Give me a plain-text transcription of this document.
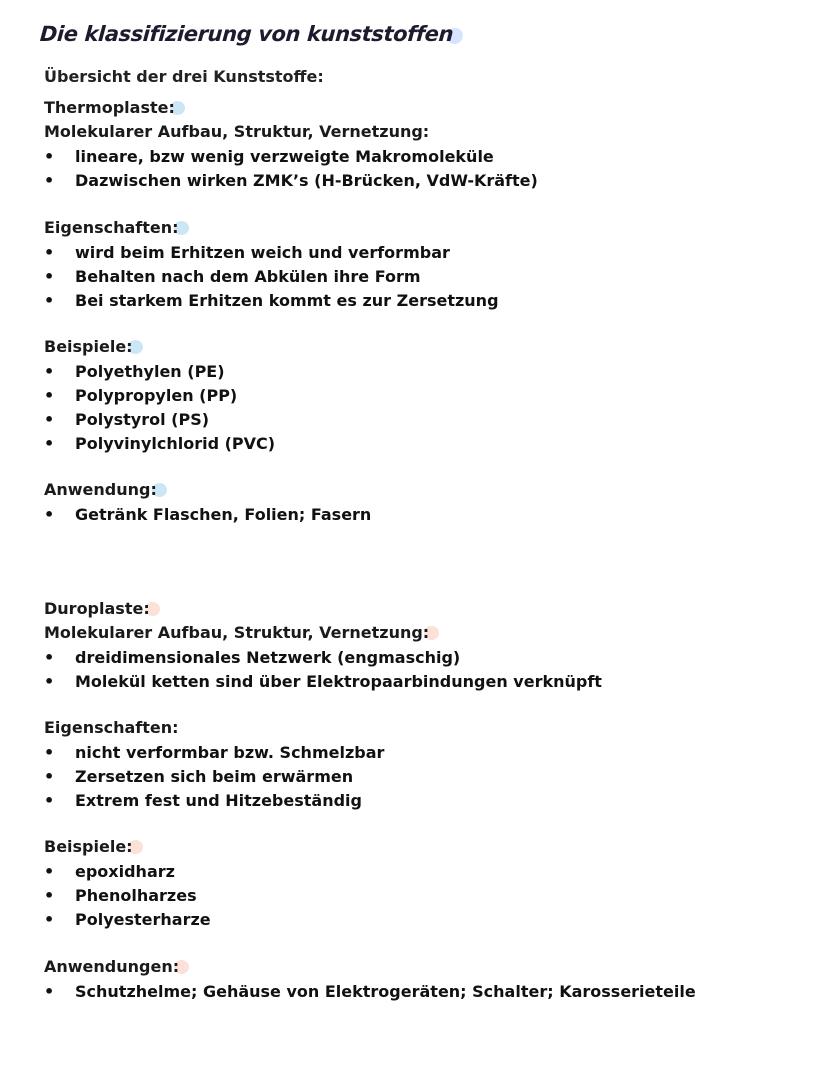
Die klassifizierung von kunststoffen
Übersicht der drei Kunststoffe:
Thermoplaste:
Molekularer Aufbau, Struktur, Vernetzung:
•	lineare, bzw wenig verzweigte Makromoleküle
•	Dazwischen wirken ZMK’s (H-Brücken, VdW-Kräfte)
Eigenschaften:
•	wird beim Erhitzen weich und verformbar
•	Behalten nach dem Abkülen ihre Form
•	Bei starkem Erhitzen kommt es zur Zersetzung
Beispiele:
•	Polyethylen (PE)
•	Polypropylen (PP)
•	Polystyrol (PS)
•	Polyvinylchlorid (PVC)
Anwendung:
•	Getränk Flaschen, Folien; Fasern
Duroplaste:
Molekularer Aufbau, Struktur, Vernetzung:
•	dreidimensionales Netzwerk (engmaschig)
•	Molekül ketten sind über Elektropaarbindungen verknüpft
Eigenschaften:
•	nicht verformbar bzw. Schmelzbar
•	Zersetzen sich beim erwärmen
•	Extrem fest und Hitzebeständig
Beispiele:
•	epoxidharz
•	Phenolharzes
•	Polyesterharze
Anwendungen:
•	Schutzhelme; Gehäuse von Elektrogeräten; Schalter; Karosserieteile
